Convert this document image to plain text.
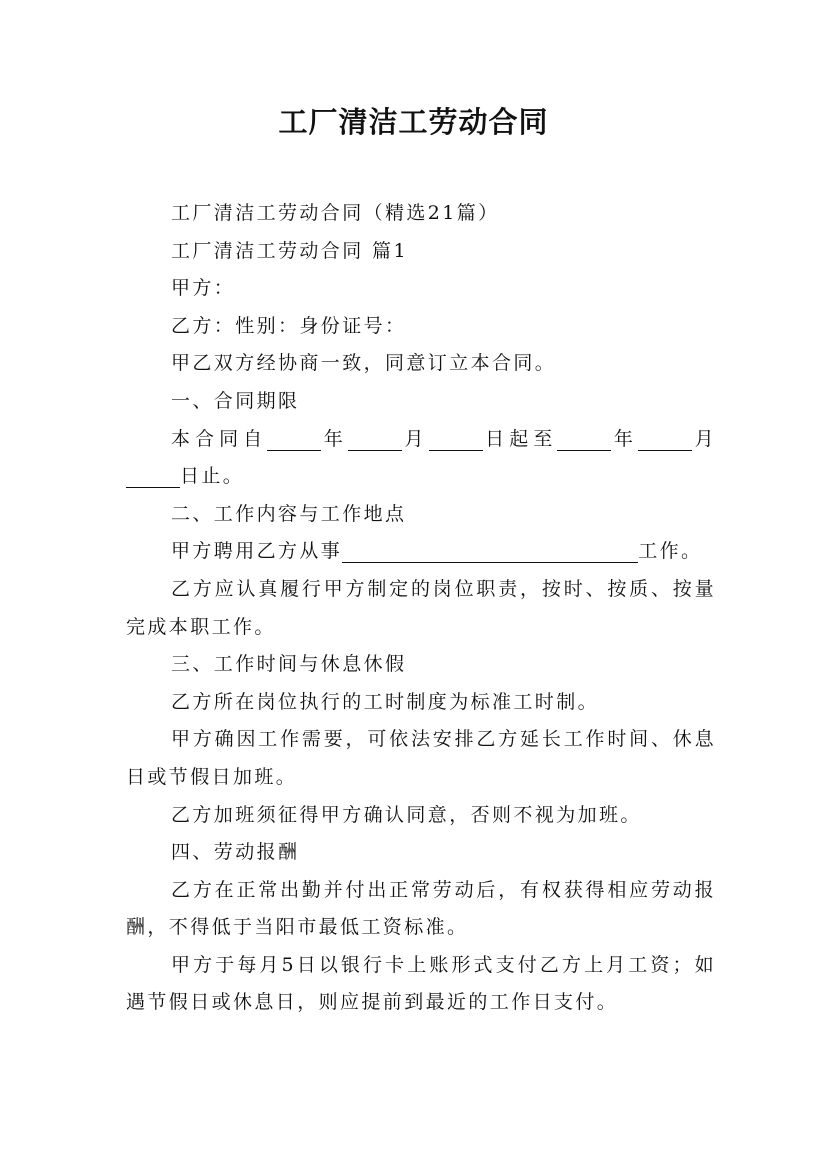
工厂清洁工劳动合同

工厂清洁工劳动合同（精选21篇）

工厂清洁工劳动合同 篇1

甲方：

乙方：性别：身份证号：

甲乙双方经协商一致，同意订立本合同。

一、合同期限

本合同自	年	月	日起至	年	月日止。

二、工作内容与工作地点

甲方聘用乙方从事	工作。

乙方应认真履行甲方制定的岗位职责，按时、按质、按量完成本职工作。

三、工作时间与休息休假

乙方所在岗位执行的工时制度为标准工时制。

甲方确因工作需要，可依法安排乙方延长工作时间、休息日或节假日加班。

乙方加班须征得甲方确认同意，否则不视为加班。

四、劳动报酬

乙方在正常出勤并付出正常劳动后，有权获得相应劳动报酬，不得低于当阳市最低工资标准。

甲方于每月5日以银行卡上账形式支付乙方上月工资；如遇节假日或休息日，则应提前到最近的工作日支付。
